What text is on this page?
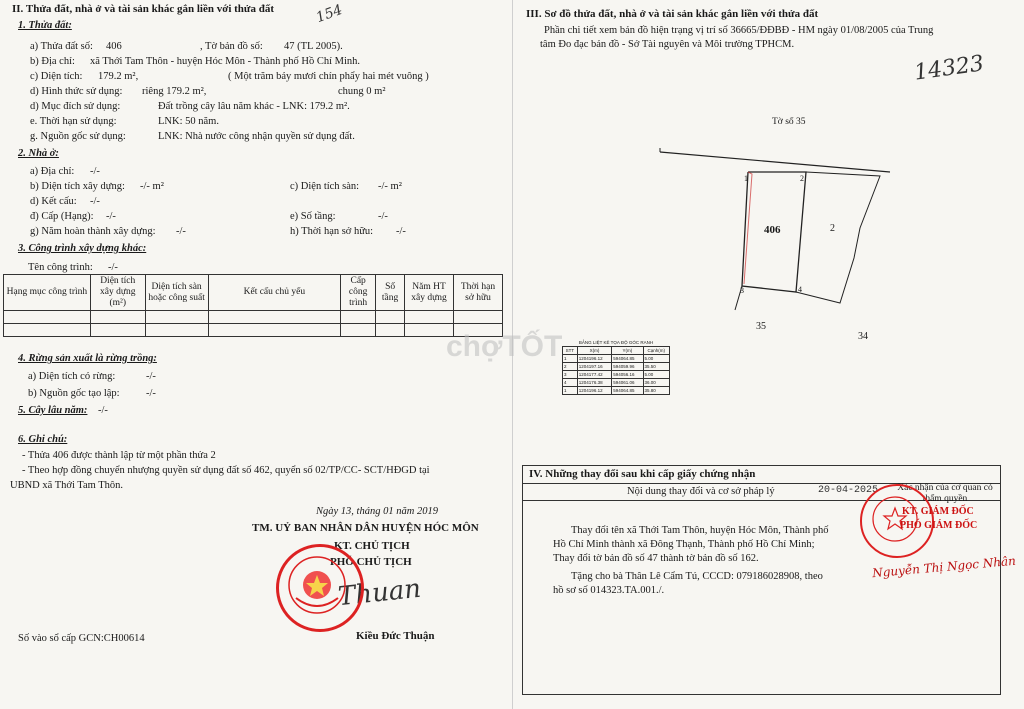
II. Thửa đất, nhà ở và tài sản khác gắn liền với thửa đất
1. Thửa đất:	154
a) Thửa đất số: 406	, Tờ bản đồ số: 47 (TL 2005).
b) Địa chỉ: xã Thới Tam Thôn - huyện Hóc Môn - Thành phố Hồ Chí Minh.
c) Diện tích: 179.2 m²,	( Một trăm bảy mươi chín phẩy hai mét vuông )
d) Hình thức sử dụng: riêng 179.2 m²,	chung 0 m²
d) Mục đích sử dụng:	Đất trồng cây lâu năm khác - LNK: 179.2 m².
e. Thời hạn sử dụng:	LNK: 50 năm.
g. Nguồn gốc sử dụng:	LNK: Nhà nước công nhận quyền sử dụng đất.
2. Nhà ở:
a) Địa chỉ: -/-
b) Diện tích xây dựng: -/- m²	c) Diện tích sàn: -/- m²
d) Kết cấu: -/-
đ) Cấp (Hạng): -/-	e) Số tầng:	-/-
g) Năm hoàn thành xây dựng: -/-	h) Thời hạn sở hữu: -/-
3. Công trình xây dựng khác:
Tên công trình: -/-
Hạng mục công trình	Diện tích xây dựng (m²)	Diện tích sàn hoặc công suất	Kết cấu chủ yếu	Cấp công trình	Số tầng	Năm HT xây dựng	Thời hạn sở hữu

4. Rừng sản xuất là rừng trồng:
a) Diện tích có rừng:	-/-
b) Nguồn gốc tạo lập:	-/-
5. Cây lâu năm: -/-
6. Ghi chú:
- Thửa 406 được thành lập từ một phần thửa 2
- Theo hợp đồng chuyển nhượng quyền sử dụng đất số 462, quyển số 02/TP/CC- SCT/HĐGD tại
UBND xã Thới Tam Thôn.
Ngày 13, tháng 01 năm 2019
TM. UỶ BAN NHÂN DÂN HUYỆN HÓC MÔN
KT. CHỦ TỊCH
PHÓ CHỦ TỊCH
Thuan
Kiều Đức Thuận
Số vào sổ cấp GCN:CH00614
III. Sơ đồ thửa đất, nhà ở và tài sản khác gắn liền với thửa đất
Phần chi tiết xem bản đồ hiện trạng vị trí số 36665/ĐĐBĐ - HM ngày 01/08/2005 của Trung
tâm Đo đạc bản đồ - Sở Tài nguyên và Môi trường TPHCM.
14323
Tờ số 35
1	2
3	4
406	2
35
34
BẢNG LIỆT KÊ TỌA ĐỘ GÓC RANH
STT	X(m)	Y(m)	Cạnh(m)
1	1204196.12	594064.85	5.00
2	1204197.16	594059.96	35.50
3	1204177.42	594056.16	5.00
4	1204176.38	594061.06	36.00
1	1204196.12	594064.85	35.80
chợTỐT
IV. Những thay đổi sau khi cấp giấy chứng nhận
Nội dung thay đổi và cơ sở pháp lý	20-04-2025 Xác nhận của cơ quan có thẩm quyền
Thay đổi tên xã Thới Tam Thôn, huyện Hóc Môn, Thành phố
Hồ Chí Minh thành xã Đông Thạnh, Thành phố Hồ Chí Minh;
Thay đổi tờ bản đồ số 47 thành tờ bản đồ số 162.
Tặng cho bà Thân Lê Cẩm Tú, CCCD: 079186028908, theo
hồ sơ số 014323.TA.001./.
KT. GIÁM ĐỐC
PHÓ GIÁM ĐỐC
Nguyễn Thị Ngọc Nhân
